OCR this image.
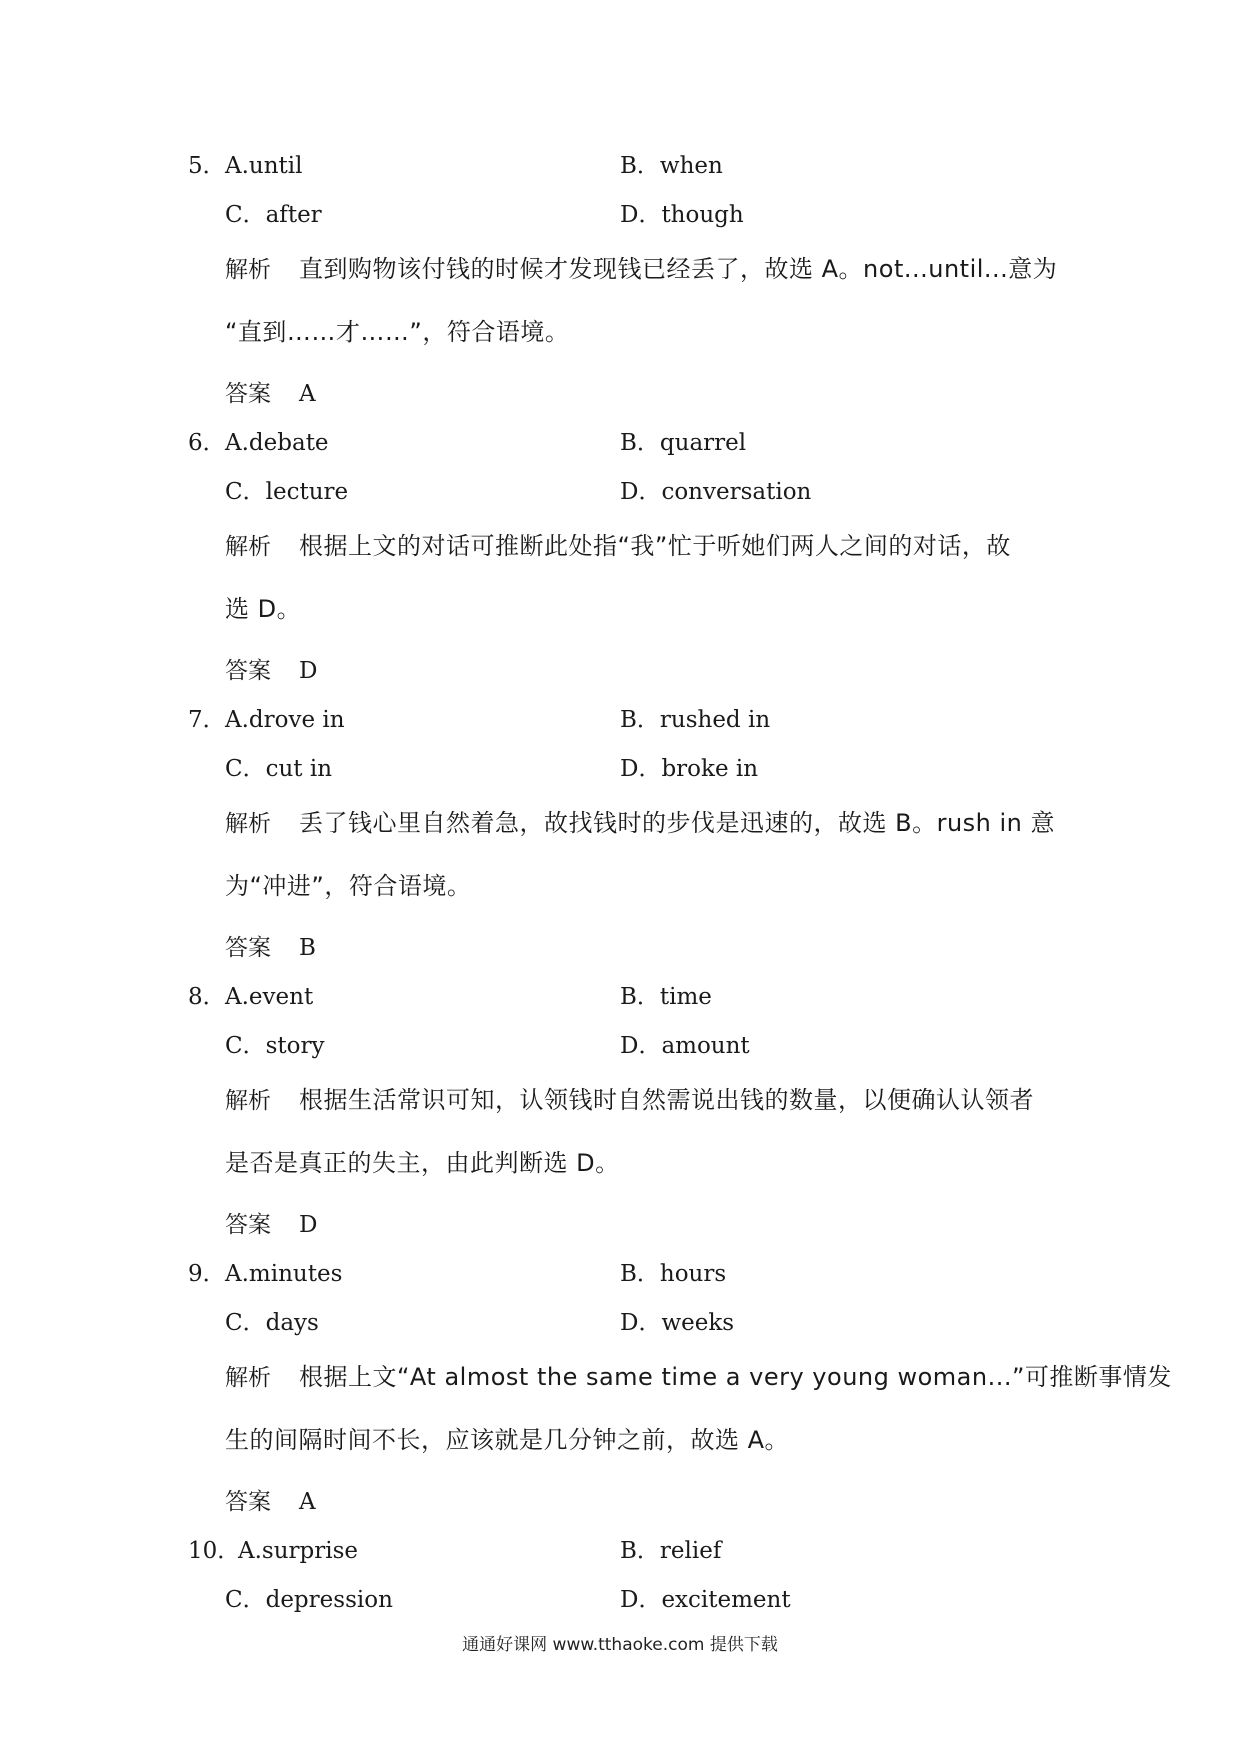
5． A.until	B．when
C．after	D．though
解析 直到购物该付钱的时候才发现钱已经丢了，故选 A。not...until...意为
“直到……才……”，符合语境。
答案 A
6． A.debate	B．quarrel
C．lecture	D．conversation
解析 根据上文的对话可推断此处指“我”忙于听她们两人之间的对话，故
选 D。
答案 D
7． A.drove in	B．rushed in
C．cut in	D．broke in
解析 丢了钱心里自然着急，故找钱时的步伐是迅速的，故选 B。rush in 意
为“冲进”，符合语境。
答案 B
8． A.event	B．time
C．story	D．amount
解析 根据生活常识可知，认领钱时自然需说出钱的数量，以便确认认领者
是否是真正的失主，由此判断选 D。
答案 D
9． A.minutes	B．hours
C．days	D．weeks
解析 根据上文“At almost the same time a very young woman...”可推断事情发
生的间隔时间不长，应该就是几分钟之前，故选 A。
答案 A
10．
A.surprise	B．relief
C．depression	D．excitement
通通好课网 www.tthaoke.com 提供下载
